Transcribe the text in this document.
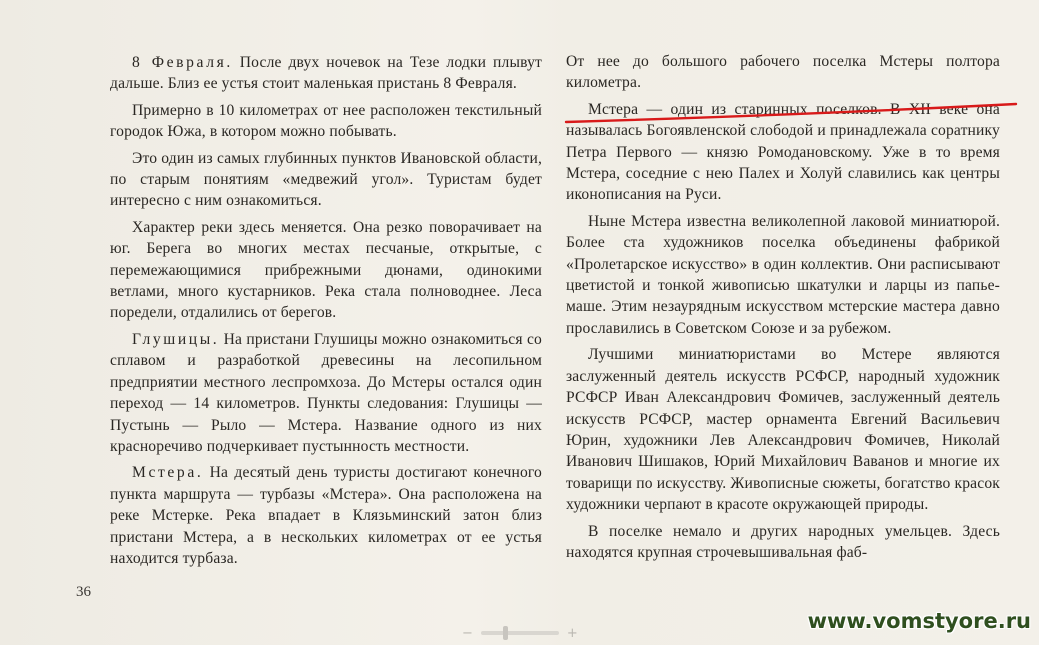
8 Февраля. После двух ночевок на Тезе лодки плывут дальше. Близ ее устья стоит маленькая пристань 8 Февраля.

Примерно в 10 километрах от нее расположен текстильный городок Южа, в котором можно побывать.

Это один из самых глубинных пунктов Ивановской области, по старым понятиям «медвежий угол». Туристам будет интересно с ним ознакомиться.

Характер реки здесь меняется. Она резко поворачивает на юг. Берега во многих местах песчаные, открытые, с перемежающимися прибрежными дюнами, одинокими ветлами, много кустарников. Река стала полноводнее. Леса поредели, отдалились от берегов.

Глушицы. На пристани Глушицы можно ознакомиться со сплавом и разработкой древесины на лесопильном предприятии местного леспромхоза. До Мстеры остался один переход — 14 километров. Пункты следования: Глушицы — Пустынь — Рыло — Мстера. Название одного из них красноречиво подчеркивает пустынность местности.

Мстера. На десятый день туристы достигают конечного пункта маршрута — турбазы «Мстера». Она расположена на реке Мстерке. Река впадает в Клязьминский затон близ пристани Мстера, а в нескольких километрах от ее устья находится турбаза.

От нее до большого рабочего поселка Мстеры полтора километра.

Мстера — один из старинных поселков. В XII веке она называлась Богоявленской слободой и принадлежала соратнику Петра Первого — князю Ромодановскому. Уже в то время Мстера, соседние с нею Палех и Холуй славились как центры иконописания на Руси.

Ныне Мстера известна великолепной лаковой миниатюрой. Более ста художников поселка объединены фабрикой «Пролетарское искусство» в один коллектив. Они расписывают цветистой и тонкой живописью шкатулки и ларцы из папье-маше. Этим незаурядным искусством мстерские мастера давно прославились в Советском Союзе и за рубежом.

Лучшими миниатюристами во Мстере являются заслуженный деятель искусств РСФСР, народный художник РСФСР Иван Александрович Фомичев, заслуженный деятель искусств РСФСР, мастер орнамента Евгений Васильевич Юрин, художники Лев Александрович Фомичев, Николай Иванович Шишаков, Юрий Михайлович Ваванов и многие их товарищи по искусству. Живописные сюжеты, богатство красок художники черпают в красоте окружающей природы.

В поселке немало и других народных умельцев. Здесь находятся крупная строчевышивальная фаб-

36
−	+	www.vomstyore.ru
